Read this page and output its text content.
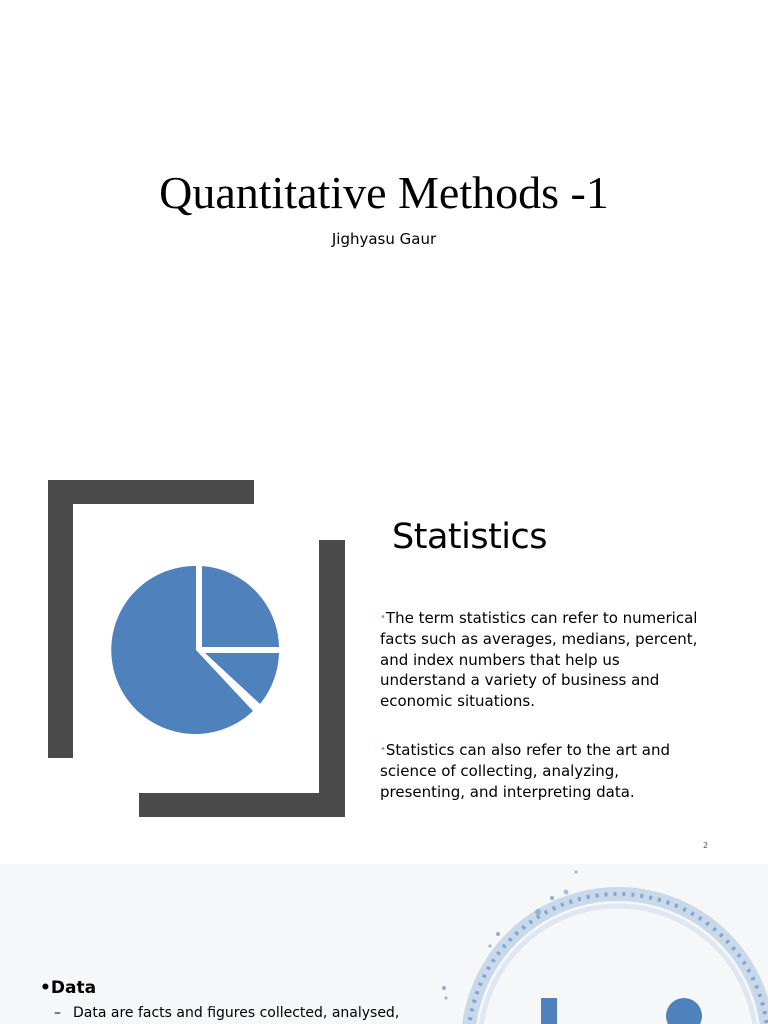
Quantitative Methods -1
Jighyasu Gaur
Statistics
•The term statistics can refer to numerical facts such as averages, medians, percent, and index numbers that help us understand a variety of business and economic situations.
•Statistics can also refer to the art and science of collecting, analyzing, presenting, and interpreting data.
2
•Data
– Data are facts and figures collected, analysed,
